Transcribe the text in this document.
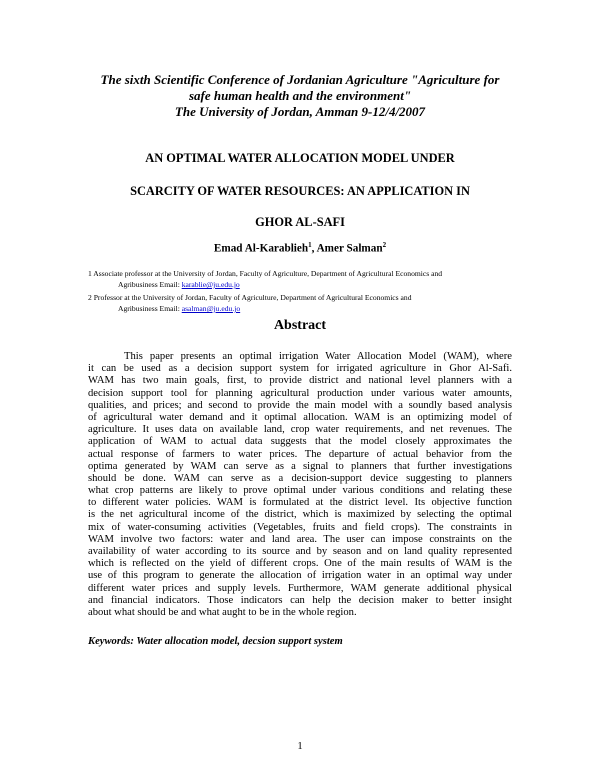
The sixth Scientific Conference of Jordanian Agriculture "Agriculture for
safe human health and the environment"
The University of Jordan, Amman 9-12/4/2007
AN OPTIMAL WATER ALLOCATION MODEL UNDER
SCARCITY OF WATER RESOURCES: AN APPLICATION IN
GHOR AL-SAFI
Emad Al-Karablieh$^1$, Amer Salman$^2$
1 Associate professor at the University of Jordan, Faculty of Agriculture, Department of Agricultural Economics and
Agribusiness Email: karablie@ju.edu.jo
2 Professor at the University of Jordan, Faculty of Agriculture, Department of Agricultural Economics and
Agribusiness Email: asalman@ju.edu.jo
Abstract
This paper presents an optimal irrigation Water Allocation Model (WAM), where
it can be used as a decision support system for irrigated agriculture in Ghor Al-Safi.
WAM has two main goals, first, to provide district and national level planners with a
decision support tool for planning agricultural production under various water amounts,
qualities, and prices; and second to provide the main model with a soundly based analysis
of agricultural water demand and it optimal allocation. WAM is an optimizing model of
agriculture. It uses data on available land, crop water requirements, and net revenues. The
application of WAM to actual data suggests that the model closely approximates the
actual response of farmers to water prices. The departure of actual behavior from the
optima generated by WAM can serve as a signal to planners that further investigations
should be done. WAM can serve as a decision-support device suggesting to planners
what crop patterns are likely to prove optimal under various conditions and relating these
to different water policies. WAM is formulated at the district level. Its objective function
is the net agricultural income of the district, which is maximized by selecting the optimal
mix of water-consuming activities (Vegetables, fruits and field crops). The constraints in
WAM involve two factors: water and land area. The user can impose constraints on the
availability of water according to its source and by season and on land quality represented
which is reflected on the yield of different crops. One of the main results of WAM is the
use of this program to generate the allocation of irrigation water in an optimal way under
different water prices and supply levels. Furthermore, WAM generate additional physical
and financial indicators. Those indicators can help the decision maker to better insight
about what should be and what aught to be in the whole region.
Keywords: Water allocation model, decsion support system
1
